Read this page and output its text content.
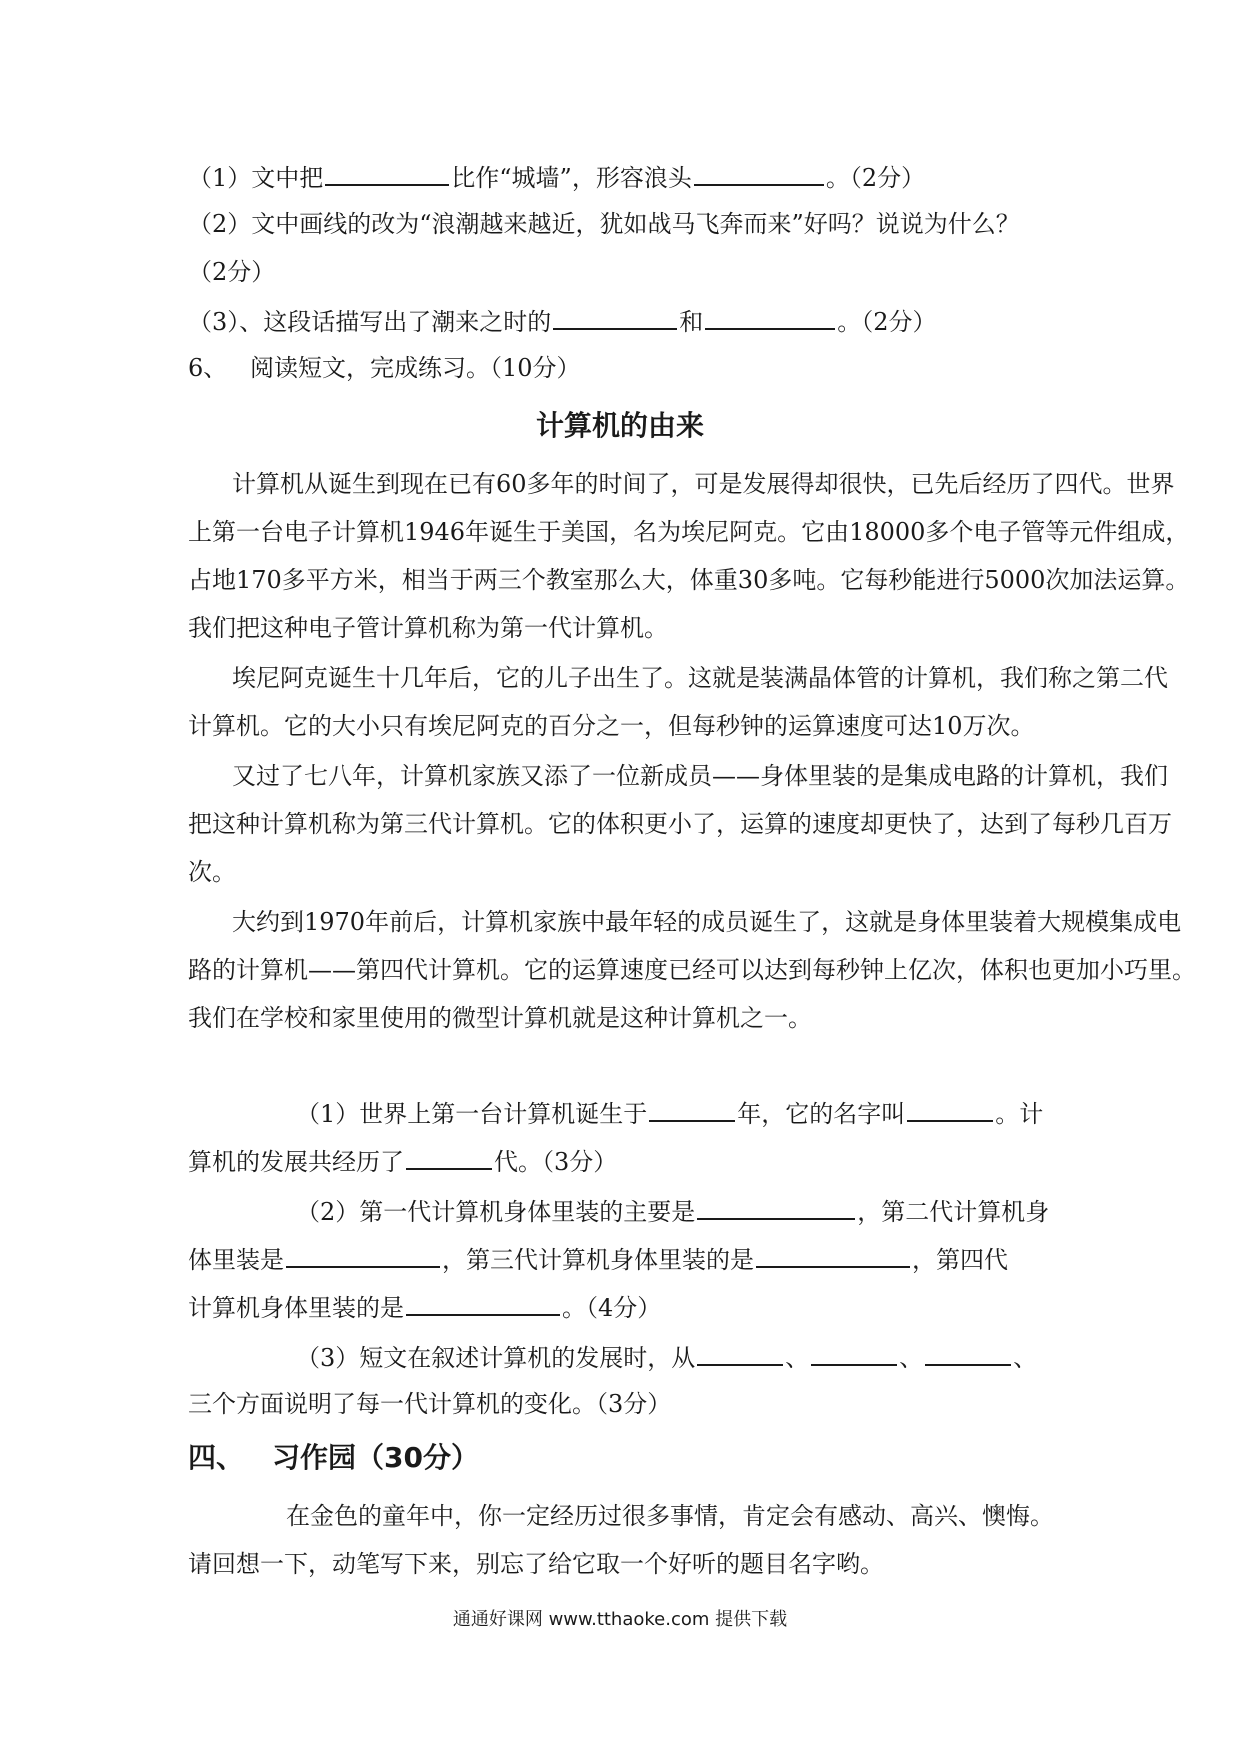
（1）文中把	比作“城墙”，形容浪头	。（2分）
（2）文中画线的改为“浪潮越来越近，犹如战马飞奔而来”好吗？说说为什么？
（2分）
（3）、这段话描写出了潮来之时的	和	。（2分）
6、 阅读短文，完成练习。（10分）
计算机的由来
计算机从诞生到现在已有60多年的时间了，可是发展得却很快，已先后经历了四代。世界
上第一台电子计算机1946年诞生于美国，名为埃尼阿克。它由18000多个电子管等元件组成，
占地170多平方米，相当于两三个教室那么大，体重30多吨。它每秒能进行5000次加法运算。
我们把这种电子管计算机称为第一代计算机。
埃尼阿克诞生十几年后，它的儿子出生了。这就是装满晶体管的计算机，我们称之第二代
计算机。它的大小只有埃尼阿克的百分之一，但每秒钟的运算速度可达10万次。
又过了七八年，计算机家族又添了一位新成员——身体里装的是集成电路的计算机，我们
把这种计算机称为第三代计算机。它的体积更小了，运算的速度却更快了，达到了每秒几百万
次。
大约到1970年前后，计算机家族中最年轻的成员诞生了，这就是身体里装着大规模集成电
路的计算机——第四代计算机。它的运算速度已经可以达到每秒钟上亿次，体积也更加小巧里。
我们在学校和家里使用的微型计算机就是这种计算机之一。
（1）世界上第一台计算机诞生于	年，它的名字叫	。计
算机的发展共经历了	代。（3分）
（2）第一代计算机身体里装的主要是	，第二代计算机身
体里装是	，第三代计算机身体里装的是	，第四代
计算机身体里装的是	。（4分）
（3）短文在叙述计算机的发展时，从	、	、	、
三个方面说明了每一代计算机的变化。（3分）
四、 习作园（30分）
在金色的童年中，你一定经历过很多事情，肯定会有感动、高兴、懊悔。
请回想一下，动笔写下来，别忘了给它取一个好听的题目名字哟。
通通好课网 www.tthaoke.com 提供下载
